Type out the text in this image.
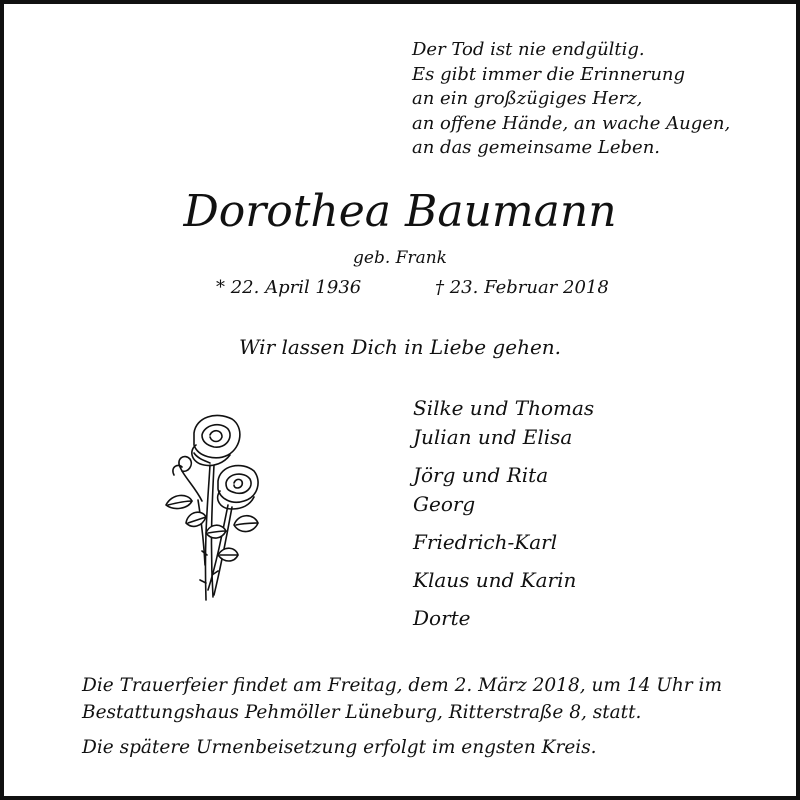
Der Tod ist nie endgültig.
Es gibt immer die Erinnerung
an ein großzügiges Herz,
an offene Hände, an wache Augen,
an das gemeinsame Leben.
Dorothea Baumann
geb. Frank
* 22. April 1936	† 23. Februar 2018
Wir lassen Dich in Liebe gehen.
Silke und Thomas
Julian und Elisa
Jörg und Rita
Georg
Friedrich-Karl
Klaus und Karin
Dorte
Die Trauerfeier findet am Freitag, dem 2. März 2018, um 14 Uhr im
Bestattungshaus Pehmöller Lüneburg, Ritterstraße 8, statt.
Die spätere Urnenbeisetzung erfolgt im engsten Kreis.
